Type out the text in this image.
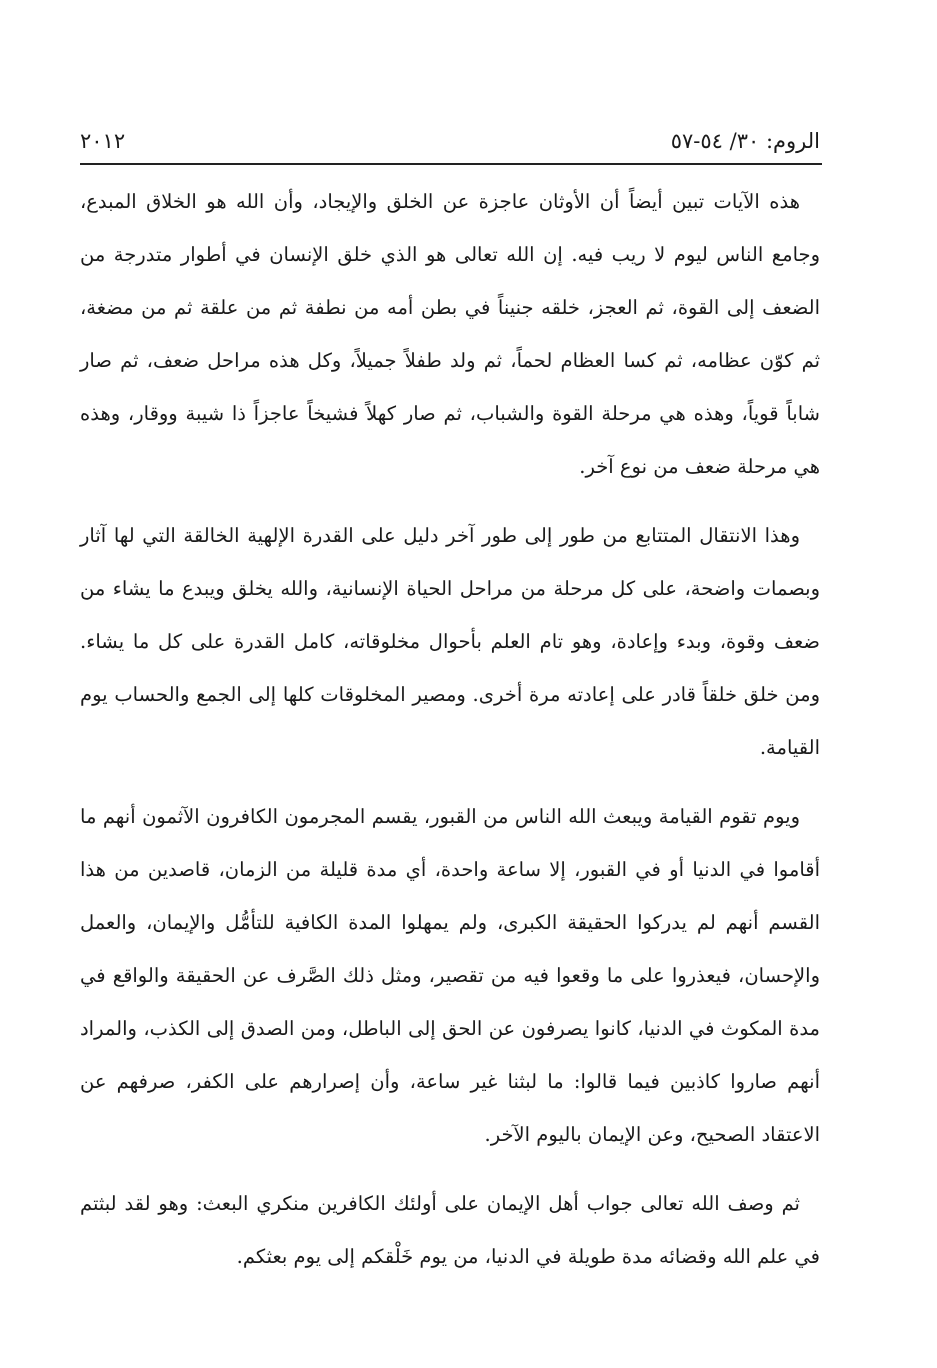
الروم: ٣٠/ ٥٤-٥٧
٢٠١٢

هذه الآيات تبين أيضاً أن الأوثان عاجزة عن الخلق والإيجاد، وأن الله هو الخلاق المبدع، وجامع الناس ليوم لا ريب فيه. إن الله تعالى هو الذي خلق الإنسان في أطوار متدرجة من الضعف إلى القوة، ثم العجز، خلقه جنيناً في بطن أمه من نطفة ثم من علقة ثم من مضغة، ثم كوّن عظامه، ثم كسا العظام لحماً، ثم ولد طفلاً جميلاً، وكل هذه مراحل ضعف، ثم صار شاباً قوياً، وهذه هي مرحلة القوة والشباب، ثم صار كهلاً فشيخاً عاجزاً ذا شيبة ووقار، وهذه هي مرحلة ضعف من نوع آخر.

وهذا الانتقال المتتابع من طور إلى طور آخر دليل على القدرة الإلهية الخالقة التي لها آثار وبصمات واضحة، على كل مرحلة من مراحل الحياة الإنسانية، والله يخلق ويبدع ما يشاء من ضعف وقوة، وبدء وإعادة، وهو تام العلم بأحوال مخلوقاته، كامل القدرة على كل ما يشاء. ومن خلق خلقاً قادر على إعادته مرة أخرى. ومصير المخلوقات كلها إلى الجمع والحساب يوم القيامة.

ويوم تقوم القيامة ويبعث الله الناس من القبور، يقسم المجرمون الكافرون الآثمون أنهم ما أقاموا في الدنيا أو في القبور، إلا ساعة واحدة، أي مدة قليلة من الزمان، قاصدين من هذا القسم أنهم لم يدركوا الحقيقة الكبرى، ولم يمهلوا المدة الكافية للتأمُّل والإيمان، والعمل والإحسان، فيعذروا على ما وقعوا فيه من تقصير، ومثل ذلك الصَّرف عن الحقيقة والواقع في مدة المكوث في الدنيا، كانوا يصرفون عن الحق إلى الباطل، ومن الصدق إلى الكذب، والمراد أنهم صاروا كاذبين فيما قالوا: ما لبثنا غير ساعة، وأن إصرارهم على الكفر، صرفهم عن الاعتقاد الصحيح، وعن الإيمان باليوم الآخر.

ثم وصف الله تعالى جواب أهل الإيمان على أولئك الكافرين منكري البعث: وهو لقد لبثتم في علم الله وقضائه مدة طويلة في الدنيا، من يوم خَلْقكم إلى يوم بعثكم.
